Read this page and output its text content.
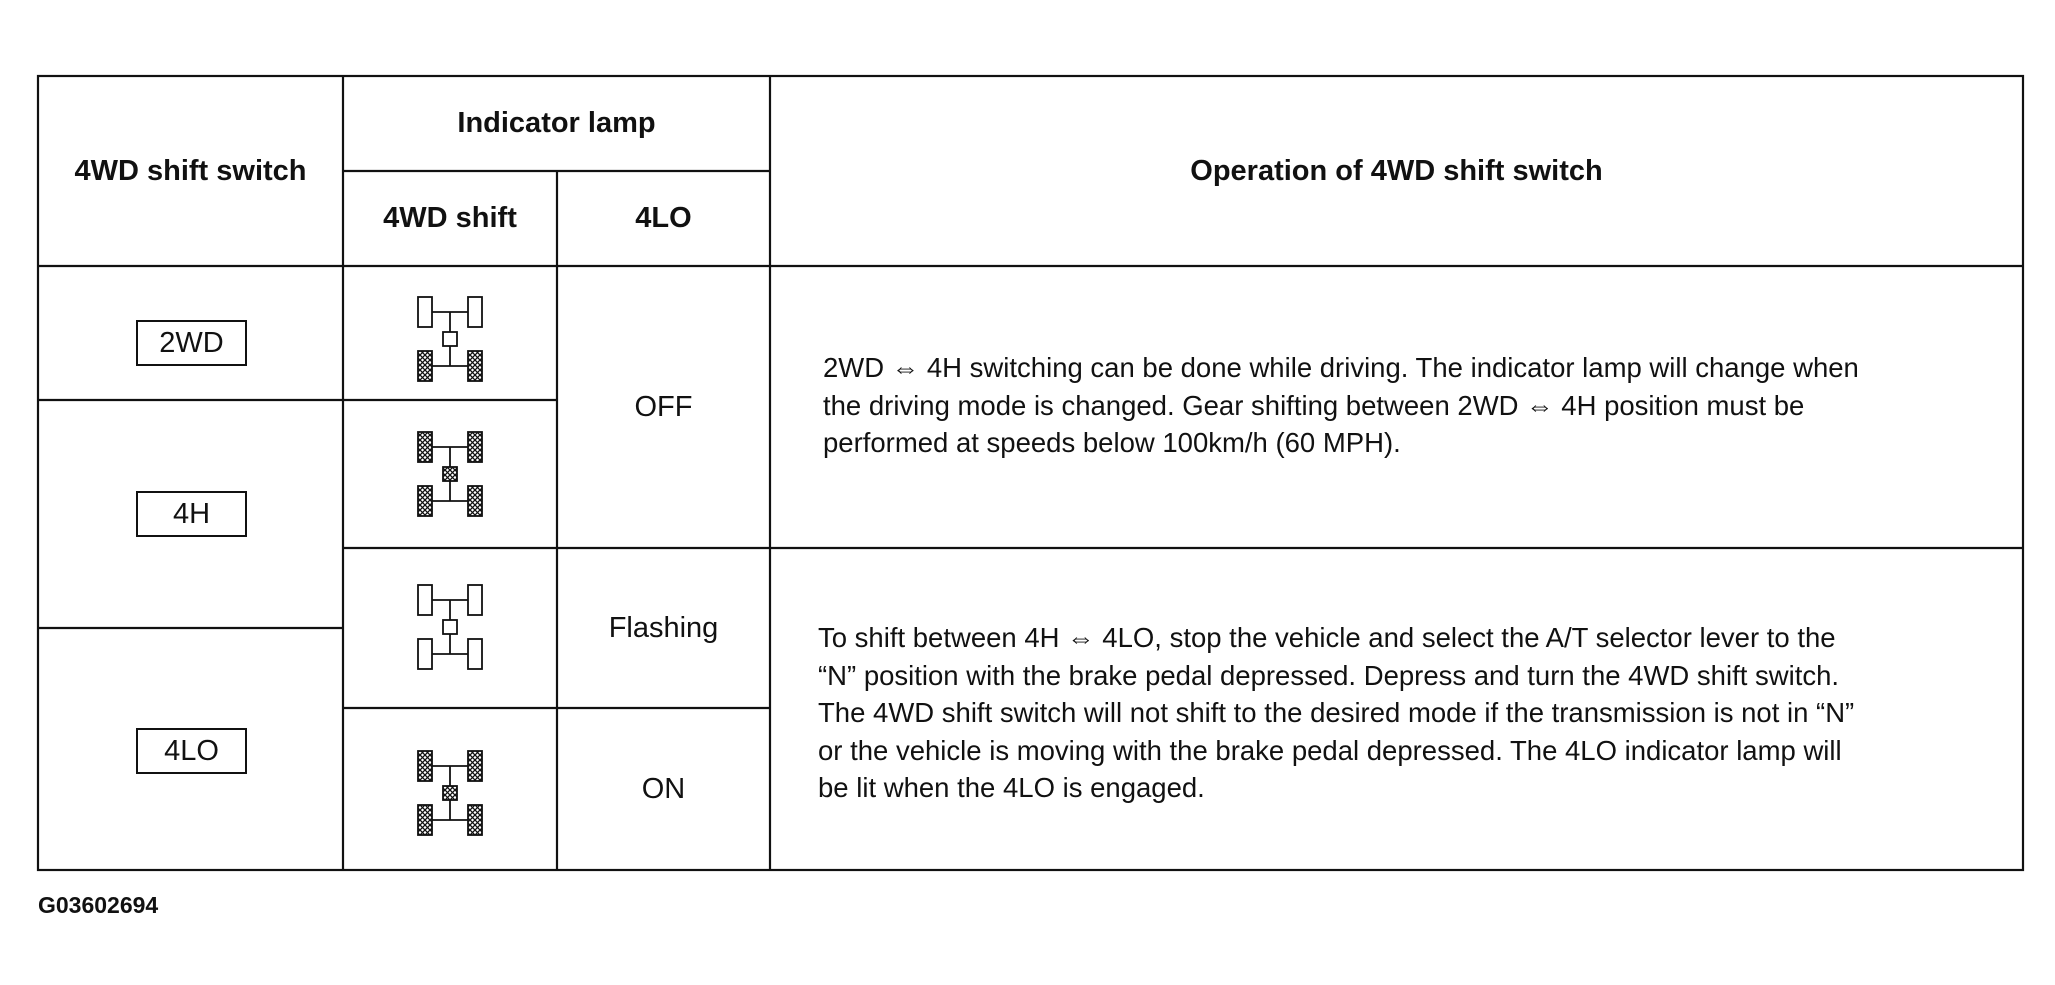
4WD shift switch
Indicator lamp
4WD shift	4LO
Operation of 4WD shift switch
2WD
4H
4LO
OFF
Flashing
ON
2WD ⇔ 4H switching can be done while driving. The indicator lamp will change when
the driving mode is changed. Gear shifting between 2WD ⇔ 4H position must be
performed at speeds below 100km/h (60 MPH).
To shift between 4H ⇔ 4LO, stop the vehicle and select the A/T selector lever to the
“N” position with the brake pedal depressed. Depress and turn the 4WD shift switch.
The 4WD shift switch will not shift to the desired mode if the transmission is not in “N”
or the vehicle is moving with the brake pedal depressed. The 4LO indicator lamp will
be lit when the 4LO is engaged.
G03602694
